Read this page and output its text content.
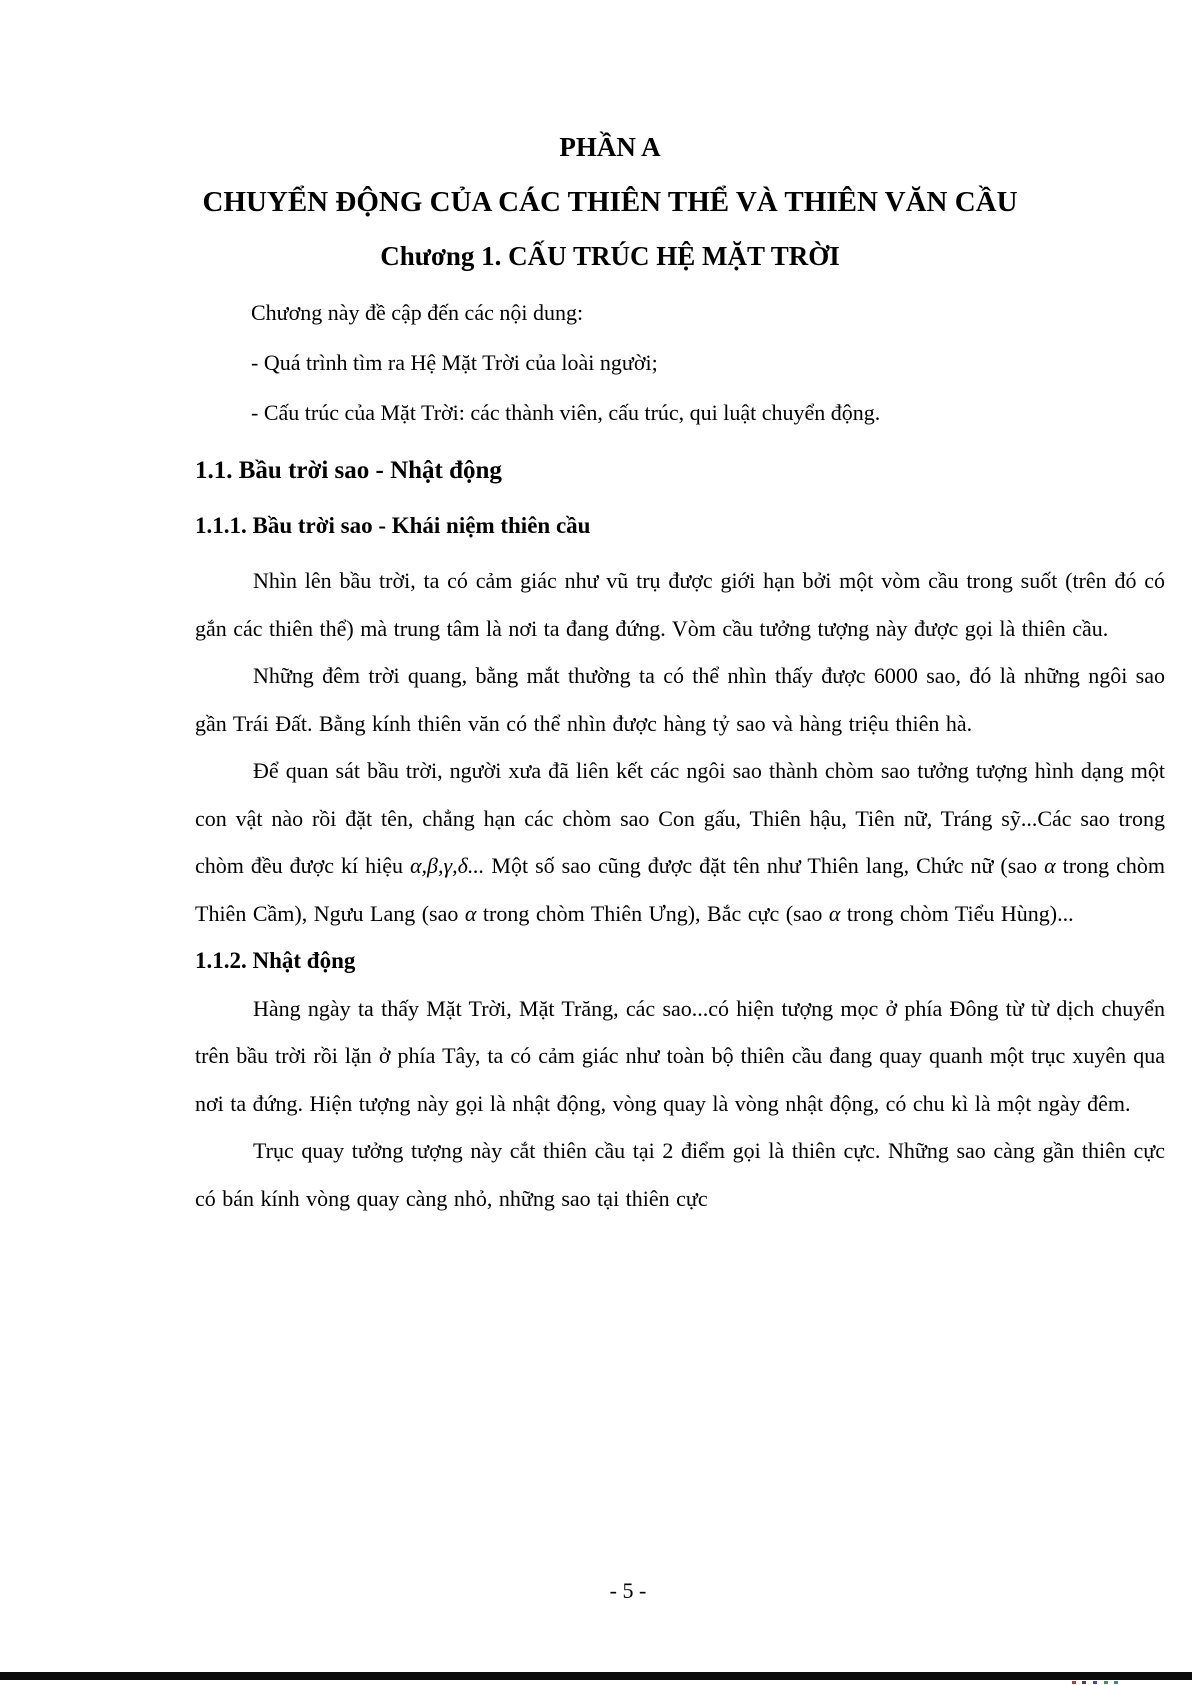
PHẦN A
CHUYỂN ĐỘNG CỦA CÁC THIÊN THỂ VÀ THIÊN VĂN CẦU
Chương 1. CẤU TRÚC HỆ MẶT TRỜI

Chương này đề cập đến các nội dung:

- Quá trình tìm ra Hệ Mặt Trời của loài người;

- Cấu trúc của Mặt Trời: các thành viên, cấu trúc, qui luật chuyển động.

1.1. Bầu trời sao - Nhật động
1.1.1. Bầu trời sao - Khái niệm thiên cầu

Nhìn lên bầu trời, ta có cảm giác như vũ trụ được giới hạn bởi một vòm cầu trong suốt (trên đó có gắn các thiên thể) mà trung tâm là nơi ta đang đứng. Vòm cầu tưởng tượng này được gọi là thiên cầu.

Những đêm trời quang, bằng mắt thường ta có thể nhìn thấy được 6000 sao, đó là những ngôi sao gần Trái Đất. Bằng kính thiên văn có thể nhìn được hàng tỷ sao và hàng triệu thiên hà.

Để quan sát bầu trời, người xưa đã liên kết các ngôi sao thành chòm sao tưởng tượng hình dạng một con vật nào rồi đặt tên, chẳng hạn các chòm sao Con gấu, Thiên hậu, Tiên nữ, Tráng sỹ...Các sao trong chòm đều được kí hiệu α,β,γ,δ... Một số sao cũng được đặt tên như Thiên lang, Chức nữ (sao α trong chòm Thiên Cầm), Ngưu Lang (sao α trong chòm Thiên Ưng), Bắc cực (sao α trong chòm Tiểu Hùng)...

1.1.2. Nhật động

Hàng ngày ta thấy Mặt Trời, Mặt Trăng, các sao...có hiện tượng mọc ở phía Đông từ từ dịch chuyển trên bầu trời rồi lặn ở phía Tây, ta có cảm giác như toàn bộ thiên cầu đang quay quanh một trục xuyên qua nơi ta đứng. Hiện tượng này gọi là nhật động, vòng quay là vòng nhật động, có chu kì là một ngày đêm.

Trục quay tưởng tượng này cắt thiên cầu tại 2 điểm gọi là thiên cực. Những sao càng gần thiên cực có bán kính vòng quay càng nhỏ, những sao tại thiên cực

- 5 -
